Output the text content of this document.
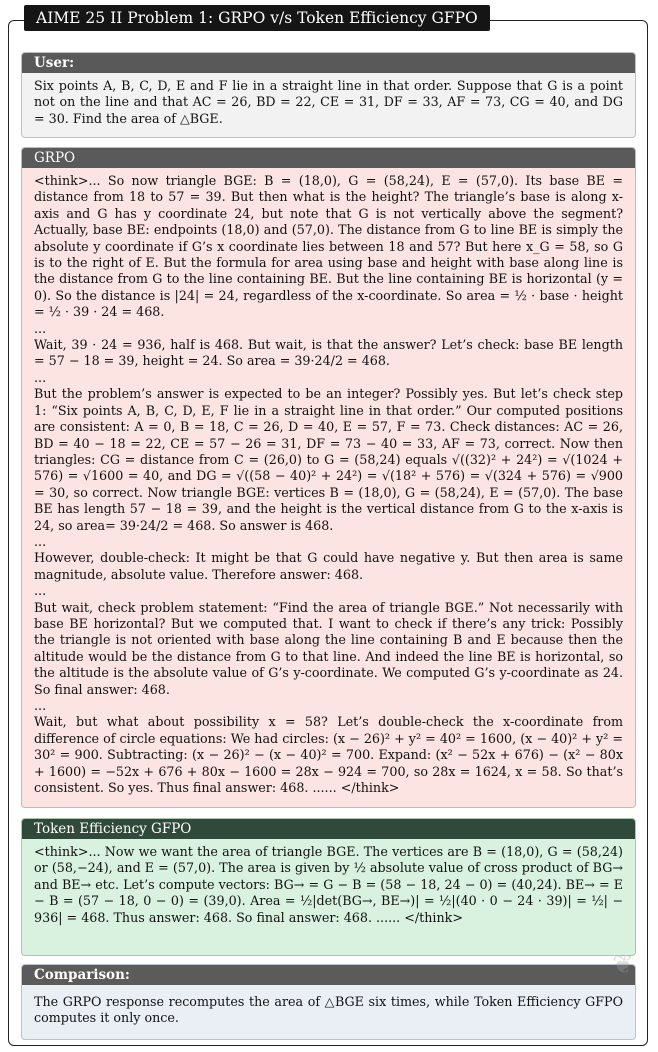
AIME 25 II Problem 1: GRPO v/s Token Efficiency GFPO
User:

Six points A, B, C, D, E and F lie in a straight line in that order. Suppose that G is a point not on the line and that AC = 26, BD = 22, CE = 31, DF = 33, AF = 73, CG = 40, and DG = 30. Find the area of △BGE.

GRPO

<think>... So now triangle BGE: B = (18,0), G = (58,24), E = (57,0). Its base BE = distance from 18 to 57 = 39. But then what is the height? The triangle’s base is along x-axis and G has y coordinate 24, but note that G is not vertically above the segment? Actually, base BE: endpoints (18,0) and (57,0). The distance from G to line BE is simply the absolute y coordinate if G’s x coordinate lies between 18 and 57? But here x_G = 58, so G is to the right of E. But the formula for area using base and height with base along line is the distance from G to the line containing BE. But the line containing BE is horizontal (y = 0). So the distance is |24| = 24, regardless of the x-coordinate. So area = ½ · base · height = ½ · 39 · 24 = 468.

...

Wait, 39 · 24 = 936, half is 468. But wait, is that the answer? Let’s check: base BE length = 57 − 18 = 39, height = 24. So area = 39·24/2 = 468.

...

But the problem’s answer is expected to be an integer? Possibly yes. But let’s check step 1: “Six points A, B, C, D, E, F lie in a straight line in that order.” Our computed positions are consistent: A = 0, B = 18, C = 26, D = 40, E = 57, F = 73. Check distances: AC = 26, BD = 40 − 18 = 22, CE = 57 − 26 = 31, DF = 73 − 40 = 33, AF = 73, correct. Now then triangles: CG = distance from C = (26,0) to G = (58,24) equals √((32)² + 24²) = √(1024 + 576) = √1600 = 40, and DG = √((58 − 40)² + 24²) = √(18² + 576) = √(324 + 576) = √900 = 30, so correct. Now triangle BGE: vertices B = (18,0), G = (58,24), E = (57,0). The base BE has length 57 − 18 = 39, and the height is the vertical distance from G to the x-axis is 24, so area= 39·24/2 = 468. So answer is 468.

...

However, double-check: It might be that G could have negative y. But then area is same magnitude, absolute value. Therefore answer: 468.

...

But wait, check problem statement: “Find the area of triangle BGE.” Not necessarily with base BE horizontal? But we computed that. I want to check if there’s any trick: Possibly the triangle is not oriented with base along the line containing B and E because then the altitude would be the distance from G to that line. And indeed the line BE is horizontal, so the altitude is the absolute value of G’s y-coordinate. We computed G’s y-coordinate as 24. So final answer: 468.

...

Wait, but what about possibility x = 58? Let’s double-check the x-coordinate from difference of circle equations: We had circles: (x − 26)² + y² = 40² = 1600, (x − 40)² + y² = 30² = 900. Subtracting: (x − 26)² − (x − 40)² = 700. Expand: (x² − 52x + 676) − (x² − 80x + 1600) = −52x + 676 + 80x − 1600 = 28x − 924 = 700, so 28x = 1624, x = 58. So that’s consistent. So yes. Thus final answer: 468. ...... </think>

Token Efficiency GFPO

<think>... Now we want the area of triangle BGE. The vertices are B = (18,0), G = (58,24) or (58,−24), and E = (57,0). The area is given by ½ absolute value of cross product of BG→ and BE→ etc. Let’s compute vectors: BG→ = G − B = (58 − 18, 24 − 0) = (40,24). BE→ = E − B = (57 − 18, 0 − 0) = (39,0). Area = ½|det(BG→, BE→)| = ½|(40 · 0 − 24 · 39)| = ½| − 936| = 468. Thus answer: 468. So final answer: 468. ...... </think>

Comparison:

The GRPO response recomputes the area of △BGE six times, while Token Efficiency GFPO computes it only once.

❦
